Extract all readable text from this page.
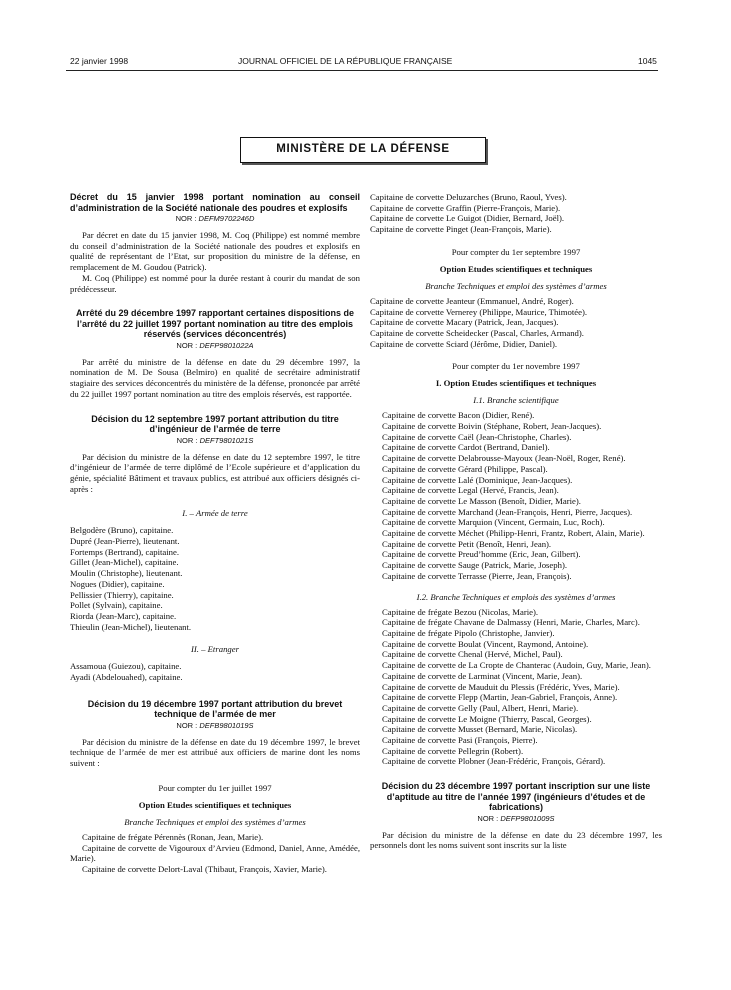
22 janvier 1998	JOURNAL OFFICIEL DE LA RÉPUBLIQUE FRANÇAISE	1045
MINISTÈRE DE LA DÉFENSE
Décret du 15 janvier 1998 portant nomination au conseil d’administration de la Société nationale des poudres et explosifs
NOR : DEFM9702246D

Par décret en date du 15 janvier 1998, M. Coq (Philippe) est nommé membre du conseil d’administration de la Société nationale des poudres et explosifs en qualité de représentant de l’Etat, sur proposition du ministre de la défense, en remplacement de M. Goudou (Patrick).

M. Coq (Philippe) est nommé pour la durée restant à courir du mandat de son prédécesseur.

Arrêté du 29 décembre 1997 rapportant certaines dispositions de l’arrêté du 22 juillet 1997 portant nomination au titre des emplois réservés (services déconcentrés)
NOR : DEFP9801022A

Par arrêté du ministre de la défense en date du 29 décembre 1997, la nomination de M. De Sousa (Belmiro) en qualité de secrétaire administratif stagiaire des services déconcentrés du ministère de la défense, prononcée par arrêté du 22 juillet 1997 portant nomination au titre des emplois réservés, est rapportée.

Décision du 12 septembre 1997 portant attribution du titre d’ingénieur de l’armée de terre
NOR : DEFT9801021S

Par décision du ministre de la défense en date du 12 septembre 1997, le titre d’ingénieur de l’armée de terre diplômé de l’Ecole supérieure et d’application du génie, spécialité Bâtiment et travaux publics, est attribué aux officiers désignés ci-après :

I. – Armée de terre
Belgodère (Bruno), capitaine.
Dupré (Jean-Pierre), lieutenant.
Fortemps (Bertrand), capitaine.
Gillet (Jean-Michel), capitaine.
Moulin (Christophe), lieutenant.
Nogues (Didier), capitaine.
Pellissier (Thierry), capitaine.
Pollet (Sylvain), capitaine.
Riorda (Jean-Marc), capitaine.
Thieulin (Jean-Michel), lieutenant.
II. – Etranger
Assamoua (Guiezou), capitaine.
Ayadi (Abdelouahed), capitaine.
Décision du 19 décembre 1997 portant attribution du brevet technique de l’armée de mer
NOR : DEFB9801019S

Par décision du ministre de la défense en date du 19 décembre 1997, le brevet technique de l’armée de mer est attribué aux officiers de marine dont les noms suivent :

Pour compter du 1er juillet 1997
Option Etudes scientifiques et techniques
Branche Techniques et emploi des systèmes d’armes

Capitaine de frégate Pérennès (Ronan, Jean, Marie).

Capitaine de corvette de Vigouroux d’Arvieu (Edmond, Daniel, Anne, Amédée, Marie).

Capitaine de corvette Delort-Laval (Thibaut, François, Xavier, Marie).

Capitaine de corvette Deluzarches (Bruno, Raoul, Yves).

Capitaine de corvette Graffin (Pierre-François, Marie).

Capitaine de corvette Le Guigot (Didier, Bernard, Joël).

Capitaine de corvette Pinget (Jean-François, Marie).

Pour compter du 1er septembre 1997
Option Etudes scientifiques et techniques
Branche Techniques et emploi des systèmes d’armes

Capitaine de corvette Jeanteur (Emmanuel, André, Roger).

Capitaine de corvette Vernerey (Philippe, Maurice, Thimotée).

Capitaine de corvette Macary (Patrick, Jean, Jacques).

Capitaine de corvette Scheidecker (Pascal, Charles, Armand).

Capitaine de corvette Sciard (Jérôme, Didier, Daniel).

Pour compter du 1er novembre 1997
I. Option Etudes scientifiques et techniques
I.1. Branche scientifique

Capitaine de corvette Bacon (Didier, René).

Capitaine de corvette Boivin (Stéphane, Robert, Jean-Jacques).

Capitaine de corvette Caël (Jean-Christophe, Charles).

Capitaine de corvette Cardot (Bertrand, Daniel).

Capitaine de corvette Delabrousse-Mayoux (Jean-Noël, Roger, René).

Capitaine de corvette Gérard (Philippe, Pascal).

Capitaine de corvette Lalé (Dominique, Jean-Jacques).

Capitaine de corvette Legal (Hervé, Francis, Jean).

Capitaine de corvette Le Masson (Benoît, Didier, Marie).

Capitaine de corvette Marchand (Jean-François, Henri, Pierre, Jacques).

Capitaine de corvette Marquion (Vincent, Germain, Luc, Roch).

Capitaine de corvette Méchet (Philipp-Henri, Frantz, Robert, Alain, Marie).

Capitaine de corvette Petit (Benoît, Henri, Jean).

Capitaine de corvette Preud’homme (Eric, Jean, Gilbert).

Capitaine de corvette Sauge (Patrick, Marie, Joseph).

Capitaine de corvette Terrasse (Pierre, Jean, François).

I.2. Branche Techniques et emplois des systèmes d’armes

Capitaine de frégate Bezou (Nicolas, Marie).

Capitaine de frégate Chavane de Dalmassy (Henri, Marie, Charles, Marc).

Capitaine de frégate Pipolo (Christophe, Janvier).

Capitaine de corvette Boulat (Vincent, Raymond, Antoine).

Capitaine de corvette Chenal (Hervé, Michel, Paul).

Capitaine de corvette de La Cropte de Chanterac (Audoin, Guy, Marie, Jean).

Capitaine de corvette de Larminat (Vincent, Marie, Jean).

Capitaine de corvette de Mauduit du Plessis (Frédéric, Yves, Marie).

Capitaine de corvette Flepp (Martin, Jean-Gabriel, François, Anne).

Capitaine de corvette Gelly (Paul, Albert, Henri, Marie).

Capitaine de corvette Le Moigne (Thierry, Pascal, Georges).

Capitaine de corvette Musset (Bernard, Marie, Nicolas).

Capitaine de corvette Pasi (François, Pierre).

Capitaine de corvette Pellegrin (Robert).

Capitaine de corvette Plobner (Jean-Frédéric, François, Gérard).

Décision du 23 décembre 1997 portant inscription sur une liste d’aptitude au titre de l’année 1997 (ingénieurs d’études et de fabrications)
NOR : DEFP9801009S

Par décision du ministre de la défense en date du 23 décembre 1997, les personnels dont les noms suivent sont inscrits sur la liste
